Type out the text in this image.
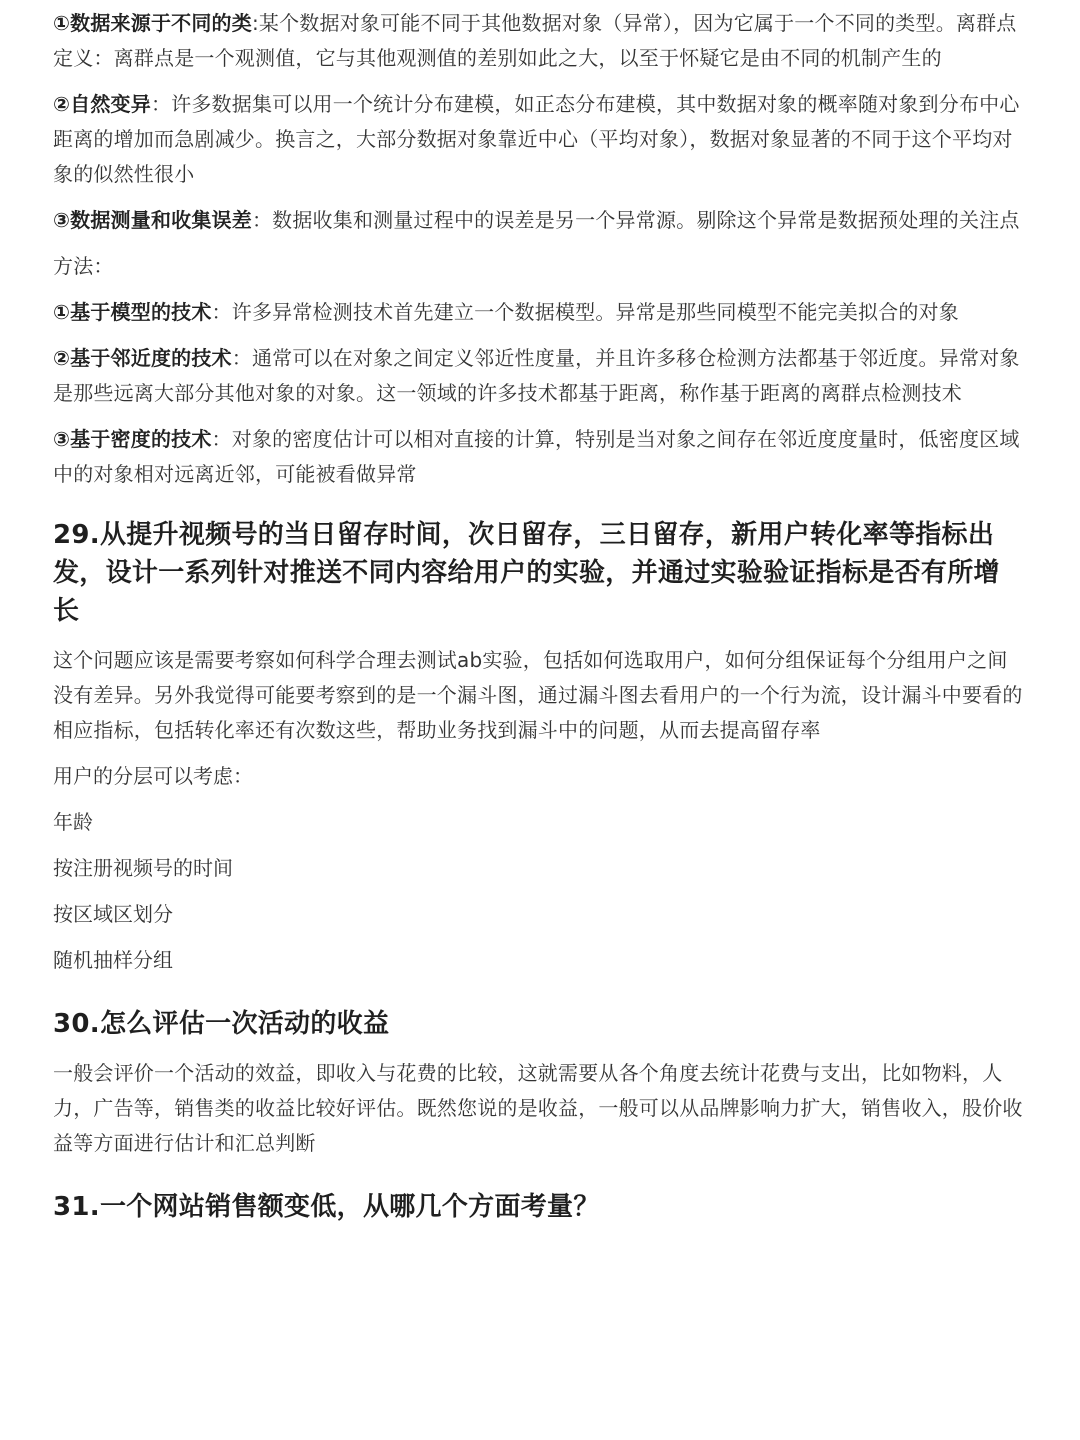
①数据来源于不同的类:某个数据对象可能不同于其他数据对象（异常），因为它属于一个不同的类型。离群点定义：离群点是一个观测值，它与其他观测值的差别如此之大，以至于怀疑它是由不同的机制产生的

②自然变异：许多数据集可以用一个统计分布建模，如正态分布建模，其中数据对象的概率随对象到分布中心距离的增加而急剧减少。换言之，大部分数据对象靠近中心（平均对象），数据对象显著的不同于这个平均对象的似然性很小

③数据测量和收集误差：数据收集和测量过程中的误差是另一个异常源。剔除这个异常是数据预处理的关注点

方法：

①基于模型的技术：许多异常检测技术首先建立一个数据模型。异常是那些同模型不能完美拟合的对象

②基于邻近度的技术：通常可以在对象之间定义邻近性度量，并且许多移仓检测方法都基于邻近度。异常对象是那些远离大部分其他对象的对象。这一领域的许多技术都基于距离，称作基于距离的离群点检测技术

③基于密度的技术：对象的密度估计可以相对直接的计算，特别是当对象之间存在邻近度度量时，低密度区域中的对象相对远离近邻，可能被看做异常

29.从提升视频号的当日留存时间，次日留存，三日留存，新用户转化率等指标出发，设计一系列针对推送不同内容给用户的实验，并通过实验验证指标是否有所增长

这个问题应该是需要考察如何科学合理去测试ab实验，包括如何选取用户，如何分组保证每个分组用户之间没有差异。另外我觉得可能要考察到的是一个漏斗图，通过漏斗图去看用户的一个行为流，设计漏斗中要看的相应指标，包括转化率还有次数这些，帮助业务找到漏斗中的问题，从而去提高留存率

用户的分层可以考虑：

年龄

按注册视频号的时间

按区域区划分

随机抽样分组

30.怎么评估一次活动的收益

一般会评价一个活动的效益，即收入与花费的比较，这就需要从各个角度去统计花费与支出，比如物料，人力，广告等，销售类的收益比较好评估。既然您说的是收益，一般可以从品牌影响力扩大，销售收入，股价收益等方面进行估计和汇总判断

31.一个网站销售额变低，从哪几个方面考量？
